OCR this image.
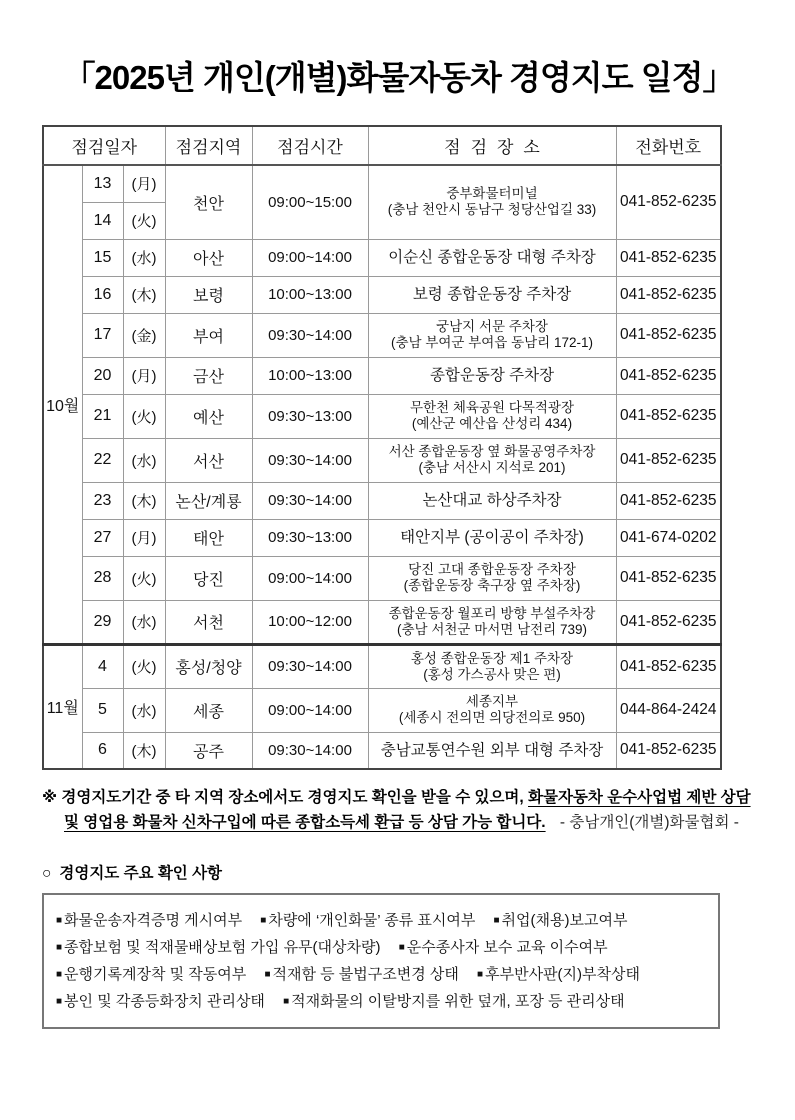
「2025년 개인(개별)화물자동차 경영지도 일정」
점검일자			점검지역	점검시간	점검장소	전화번호
10월	13	(月)	천안	09:00~15:00	중부화물터미널
(충남 천안시 동남구 청당산업길 33)	041-852-6235
	14	(火)				
	15	(水)	아산	09:00~14:00	이순신 종합운동장 대형 주차장	041-852-6235
	16	(木)	보령	10:00~13:00	보령 종합운동장 주차장	041-852-6235
	17	(金)	부여	09:30~14:00	궁남지 서문 주차장
(충남 부여군 부여읍 동남리 172-1)	041-852-6235
	20	(月)	금산	10:00~13:00	종합운동장 주차장	041-852-6235
	21	(火)	예산	09:30~13:00	무한천 체육공원 다목적광장
(예산군 예산읍 산성리 434)	041-852-6235
	22	(水)	서산	09:30~14:00	서산 종합운동장 옆 화물공영주차장
(충남 서산시 지석로 201)	041-852-6235
	23	(木)	논산/계룡	09:30~14:00	논산대교 하상주차장	041-852-6235
	27	(月)	태안	09:30~13:00	태안지부 (공이공이 주차장)	041-674-0202
	28	(火)	당진	09:00~14:00	당진 고대 종합운동장 주차장
(종합운동장 축구장 옆 주차장)	041-852-6235
	29	(水)	서천	10:00~12:00	종합운동장 월포리 방향 부설주차장
(충남 서천군 마서면 남전리 739)	041-852-6235
11월	4	(火)	홍성/청양	09:30~14:00	홍성 종합운동장 제1 주차장
(홍성 가스공사 맞은 편)	041-852-6235
	5	(水)	세종	09:00~14:00	세종지부
(세종시 전의면 의당전의로 950)	044-864-2424
	6	(木)	공주	09:30~14:00	충남교통연수원 외부 대형 주차장	041-852-6235
※ 경영지도기간 중 타 지역 장소에서도 경영지도 확인을 받을 수 있으며, 화물자동차 운수사업법 제반 상담
및 영업용 화물차 신차구입에 따른 종합소득세 환급 등 상담 가능 합니다. - 충남개인(개별)화물협회 -
○ 경영지도 주요 확인 사항
■ 화물운송자격증명 게시여부 ■ 차량에 ‘개인화물’ 종류 표시여부 ■ 취업(채용)보고여부
■ 종합보험 및 적재물배상보험 가입 유무(대상차량) ■ 운수종사자 보수 교육 이수여부
■ 운행기록계장착 및 작동여부 ■ 적재함 등 불법구조변경 상태 ■ 후부반사판(지)부착상태
■ 봉인 및 각종등화장치 관리상태 ■ 적재화물의 이탈방지를 위한 덮개, 포장 등 관리상태
